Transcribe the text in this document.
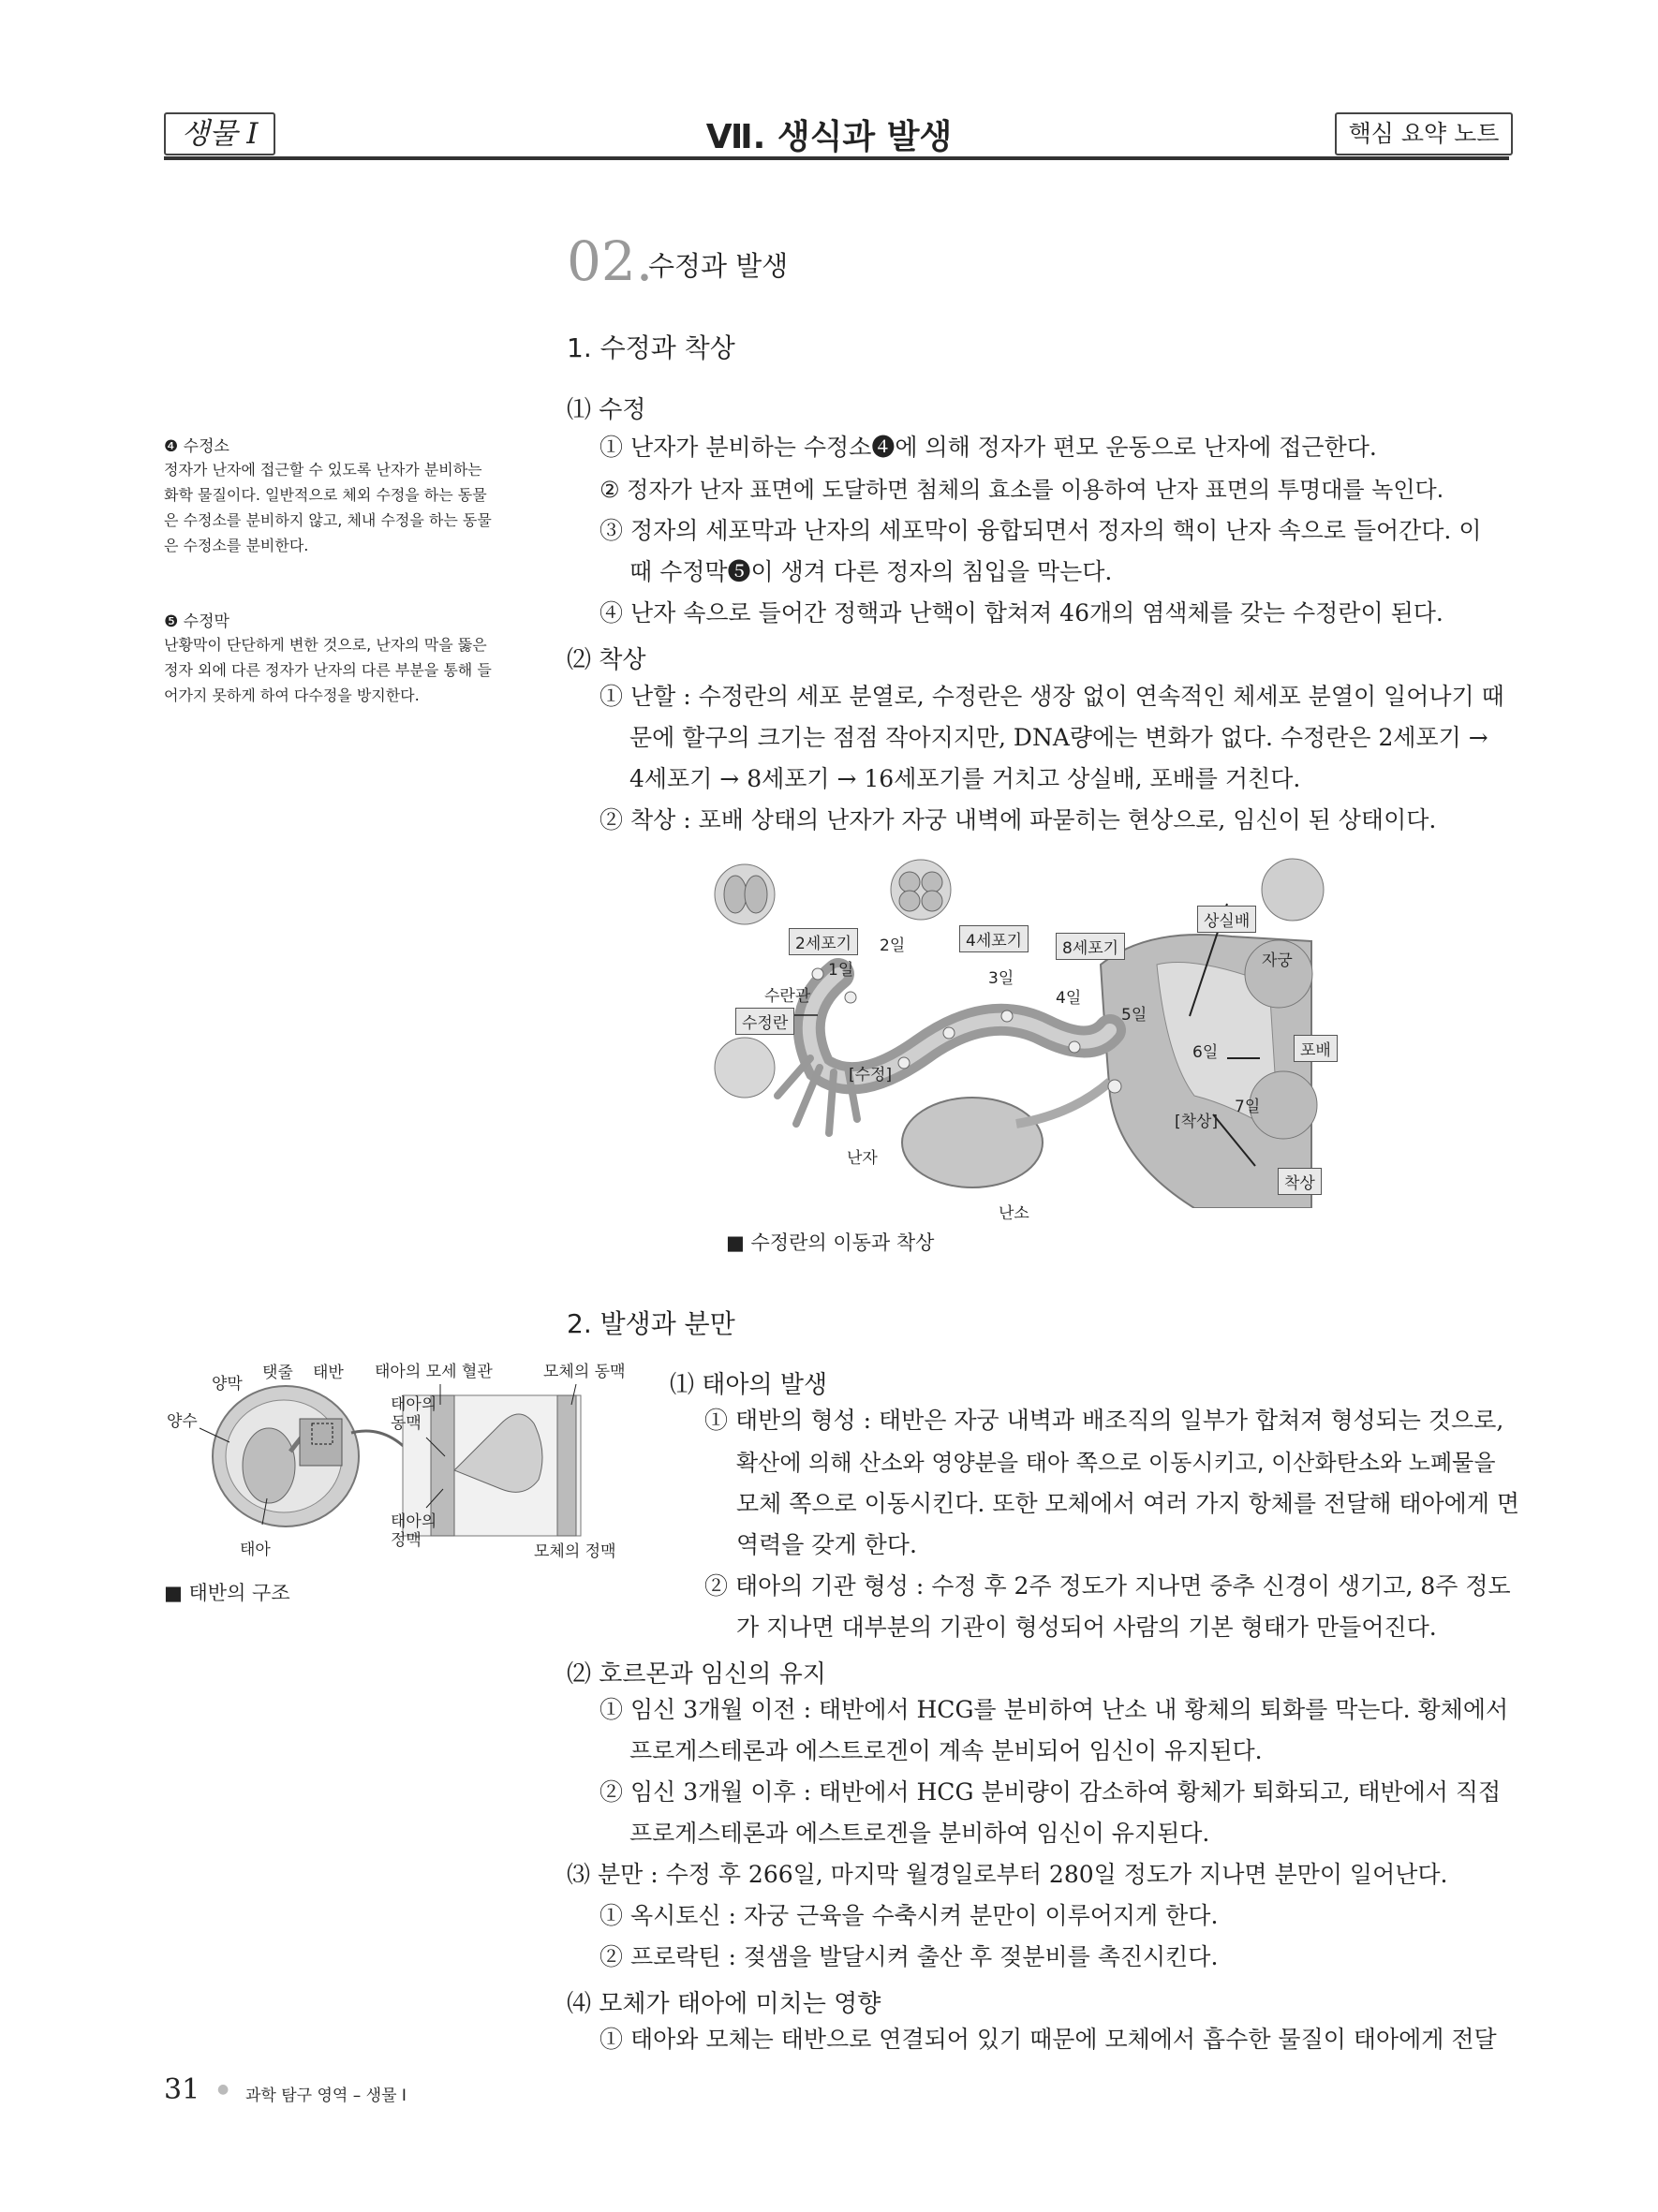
생물 I	Ⅶ. 생식과 발생	핵심 요약 노트
02.
수정과 발생
1. 수정과 착상
⑴ 수정
① 난자가 분비하는 수정소❹에 의해 정자가 편모 운동으로 난자에 접근한다.
② 정자가 난자 표면에 도달하면 첨체의 효소를 이용하여 난자 표면의 투명대를 녹인다.
③ 정자의 세포막과 난자의 세포막이 융합되면서 정자의 핵이 난자 속으로 들어간다. 이
때 수정막❺이 생겨 다른 정자의 침입을 막는다.
④ 난자 속으로 들어간 정핵과 난핵이 합쳐져 46개의 염색체를 갖는 수정란이 된다.
⑵ 착상
① 난할 : 수정란의 세포 분열로, 수정란은 생장 없이 연속적인 체세포 분열이 일어나기 때
문에 할구의 크기는 점점 작아지지만, DNA량에는 변화가 없다. 수정란은 2세포기 →
4세포기 → 8세포기 → 16세포기를 거치고 상실배, 포배를 거친다.
② 착상 : 포배 상태의 난자가 자궁 내벽에 파묻히는 현상으로, 임신이 된 상태이다.
❹ 수정소
정자가 난자에 접근할 수 있도록 난자가 분비하는 화학 물질이다. 일반적으로 체외 수정을 하는 동물은 수정소를 분비하지 않고, 체내 수정을 하는 동물은 수정소를 분비한다.
❺ 수정막
난황막이 단단하게 변한 것으로, 난자의 막을 뚫은 정자 외에 다른 정자가 난자의 다른 부분을 통해 들어가지 못하게 하여 다수정을 방지한다.
2세포기	2일	4세포기	8세포기
상실배
1일	3일
4일
5일
6일
7일
자궁
수란관
수정란
[수정]
포배
[착상]
착상
난자
난소
■ 수정란의 이동과 착상
2. 발생과 분만
⑴ 태아의 발생
① 태반의 형성 : 태반은 자궁 내벽과 배조직의 일부가 합쳐져 형성되는 것으로,
확산에 의해 산소와 영양분을 태아 쪽으로 이동시키고, 이산화탄소와 노폐물을
모체 쪽으로 이동시킨다. 또한 모체에서 여러 가지 항체를 전달해 태아에게 면
역력을 갖게 한다.
② 태아의 기관 형성 : 수정 후 2주 정도가 지나면 중추 신경이 생기고, 8주 정도
가 지나면 대부분의 기관이 형성되어 사람의 기본 형태가 만들어진다.
⑵ 호르몬과 임신의 유지
① 임신 3개월 이전 : 태반에서 HCG를 분비하여 난소 내 황체의 퇴화를 막는다. 황체에서
프로게스테론과 에스트로겐이 계속 분비되어 임신이 유지된다.
② 임신 3개월 이후 : 태반에서 HCG 분비량이 감소하여 황체가 퇴화되고, 태반에서 직접
프로게스테론과 에스트로겐을 분비하여 임신이 유지된다.
⑶ 분만 : 수정 후 266일, 마지막 월경일로부터 280일 정도가 지나면 분만이 일어난다.
① 옥시토신 : 자궁 근육을 수축시켜 분만이 이루어지게 한다.
② 프로락틴 : 젖샘을 발달시켜 출산 후 젖분비를 촉진시킨다.
⑷ 모체가 태아에 미치는 영향
① 태아와 모체는 태반으로 연결되어 있기 때문에 모체에서 흡수한 물질이 태아에게 전달
양막
탯줄 태반 태아의 모세 혈관	모체의 동맥
양수
태아의
동맥
태아
태아의
정맥
모체의 정맥
■ 태반의 구조
31 ● 과학 탐구 영역 – 생물 I
